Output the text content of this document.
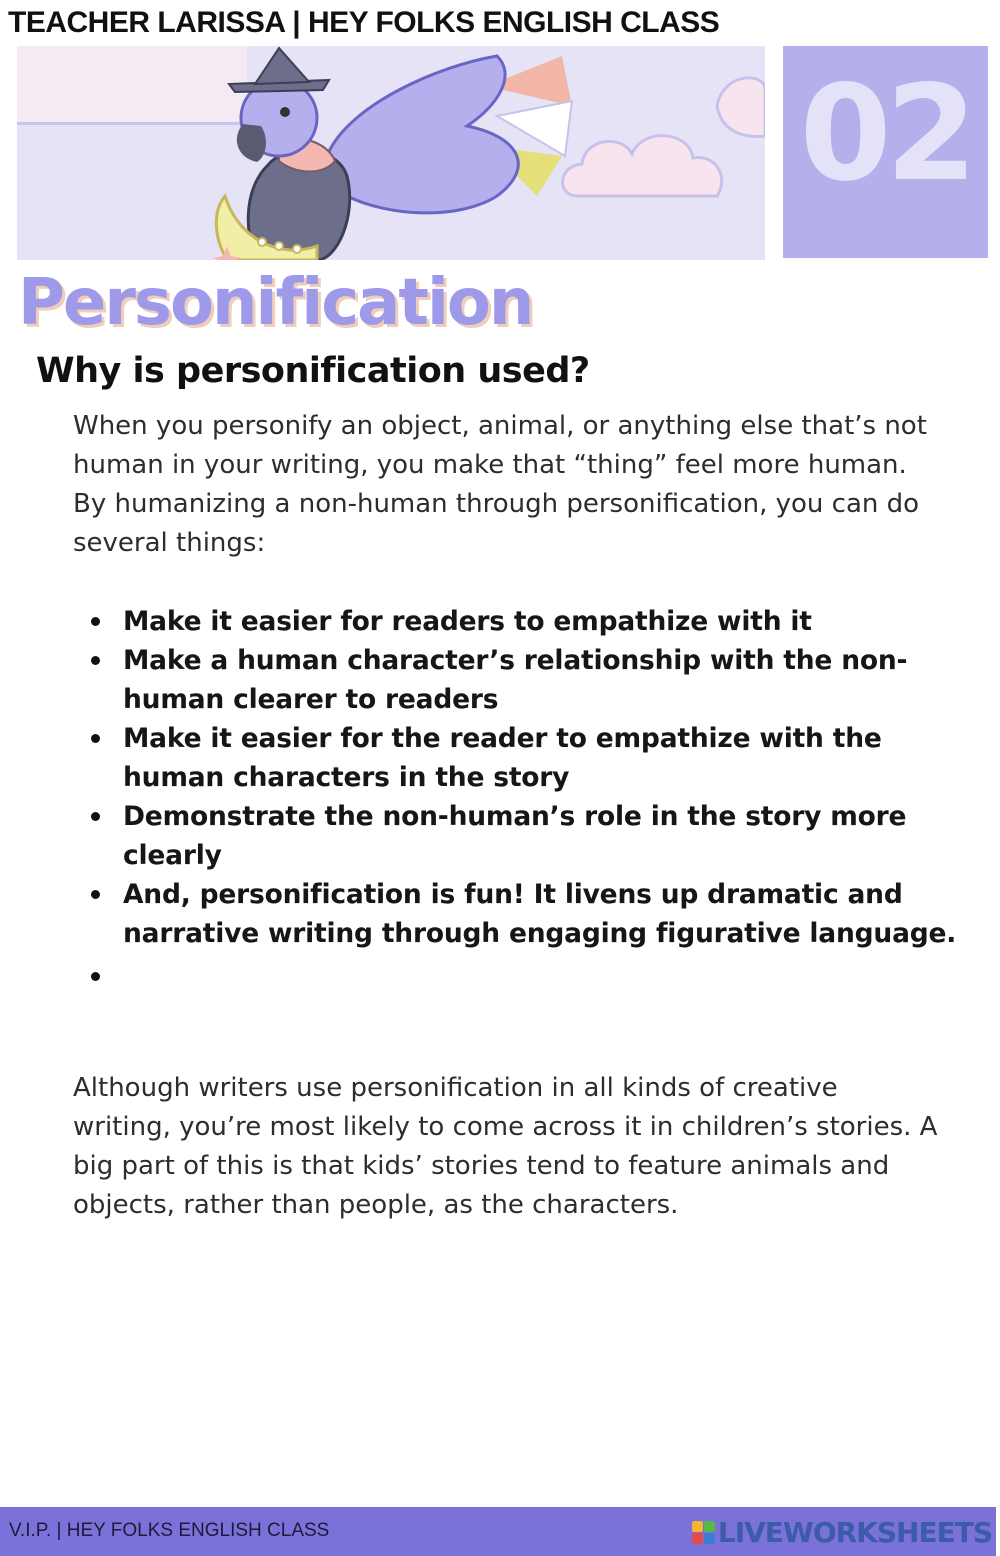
TEACHER LARISSA | HEY FOLKS ENGLISH CLASS
02
Personification
Why is personification used?

When you personify an object, animal, or anything else that’s not human in your writing, you make that “thing” feel more human. By humanizing a non-human through personification, you can do several things:

Make it easier for readers to empathize with it
Make a human character’s relationship with the non-human clearer to readers
Make it easier for the reader to empathize with the human characters in the story
Demonstrate the non-human’s role in the story more clearly
And, personification is fun! It livens up dramatic and narrative writing through engaging figurative language.

Although writers use personification in all kinds of creative writing, you’re most likely to come across it in children’s stories. A big part of this is that kids’ stories tend to feature animals and objects, rather than people, as the characters.

V.I.P. | HEY FOLKS ENGLISH CLASS	LIVEWORKSHEETS
